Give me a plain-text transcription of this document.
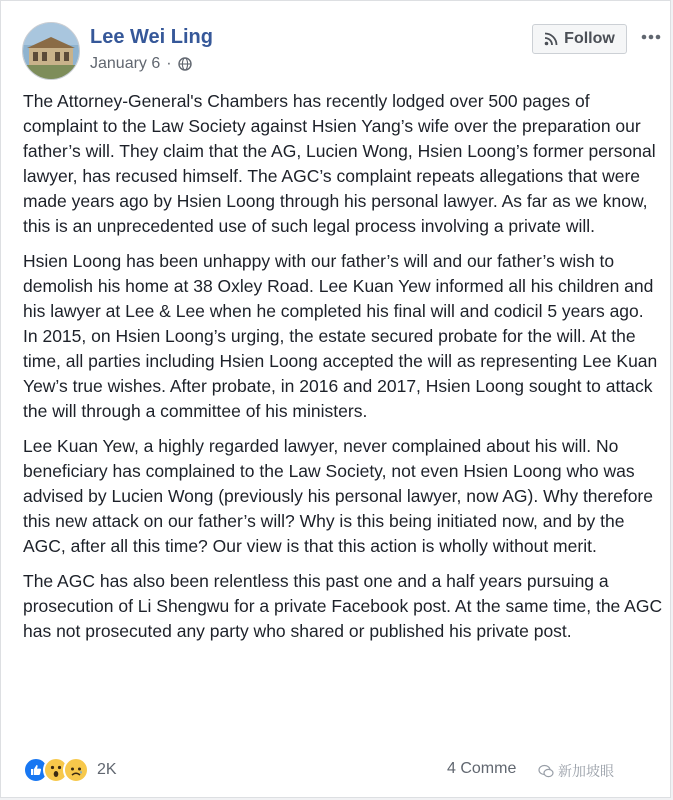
Lee Wei Ling
January 6 ·
Follow

The Attorney-General's Chambers has recently lodged over 500 pages of complaint to the Law Society against Hsien Yang’s wife over the preparation our father’s will. They claim that the AG, Lucien Wong, Hsien Loong’s former personal lawyer, has recused himself. The AGC’s complaint repeats allegations that were made years ago by Hsien Loong through his personal lawyer. As far as we know, this is an unprecedented use of such legal process involving a private will.

Hsien Loong has been unhappy with our father’s will and our father’s wish to demolish his home at 38 Oxley Road. Lee Kuan Yew informed all his children and his lawyer at Lee & Lee when he completed his final will and codicil 5 years ago. In 2015, on Hsien Loong’s urging, the estate secured probate for the will. At the time, all parties including Hsien Loong accepted the will as representing Lee Kuan Yew’s true wishes. After probate, in 2016 and 2017, Hsien Loong sought to attack the will through a committee of his ministers.

Lee Kuan Yew, a highly regarded lawyer, never complained about his will. No beneficiary has complained to the Law Society, not even Hsien Loong who was advised by Lucien Wong (previously his personal lawyer, now AG). Why therefore this new attack on our father’s will? Why is this being initiated now, and by the AGC, after all this time? Our view is that this action is wholly without merit.

The AGC has also been relentless this past one and a half years pursuing a prosecution of Li Shengwu for a private Facebook post. At the same time, the AGC has not prosecuted any party who shared or published his private post.

2K	4 Comme	新加坡眼
